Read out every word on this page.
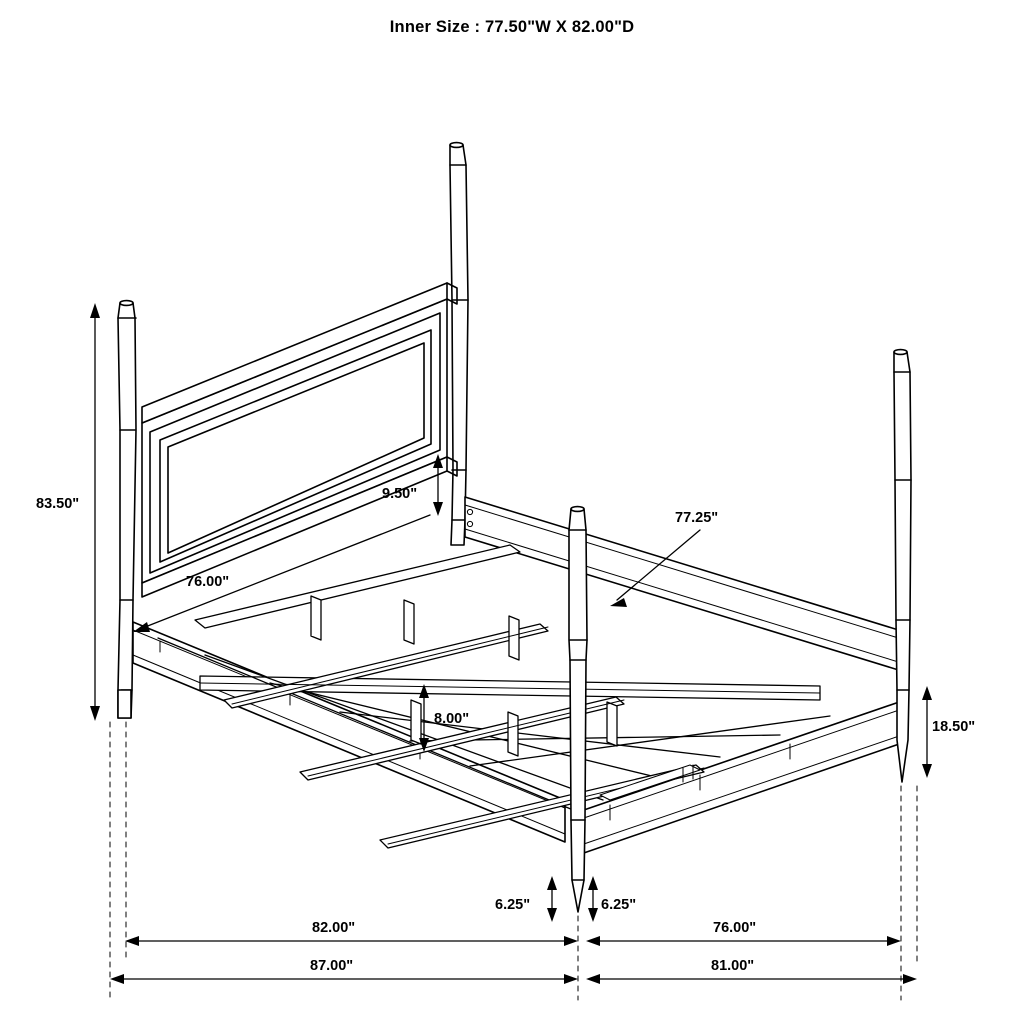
Inner Size : 77.50"W X 82.00"D
83.50"
9.50"
76.00"
77.25"
8.00"	18.50"
6.25"	6.25"
82.00"	76.00"
87.00"	81.00"
